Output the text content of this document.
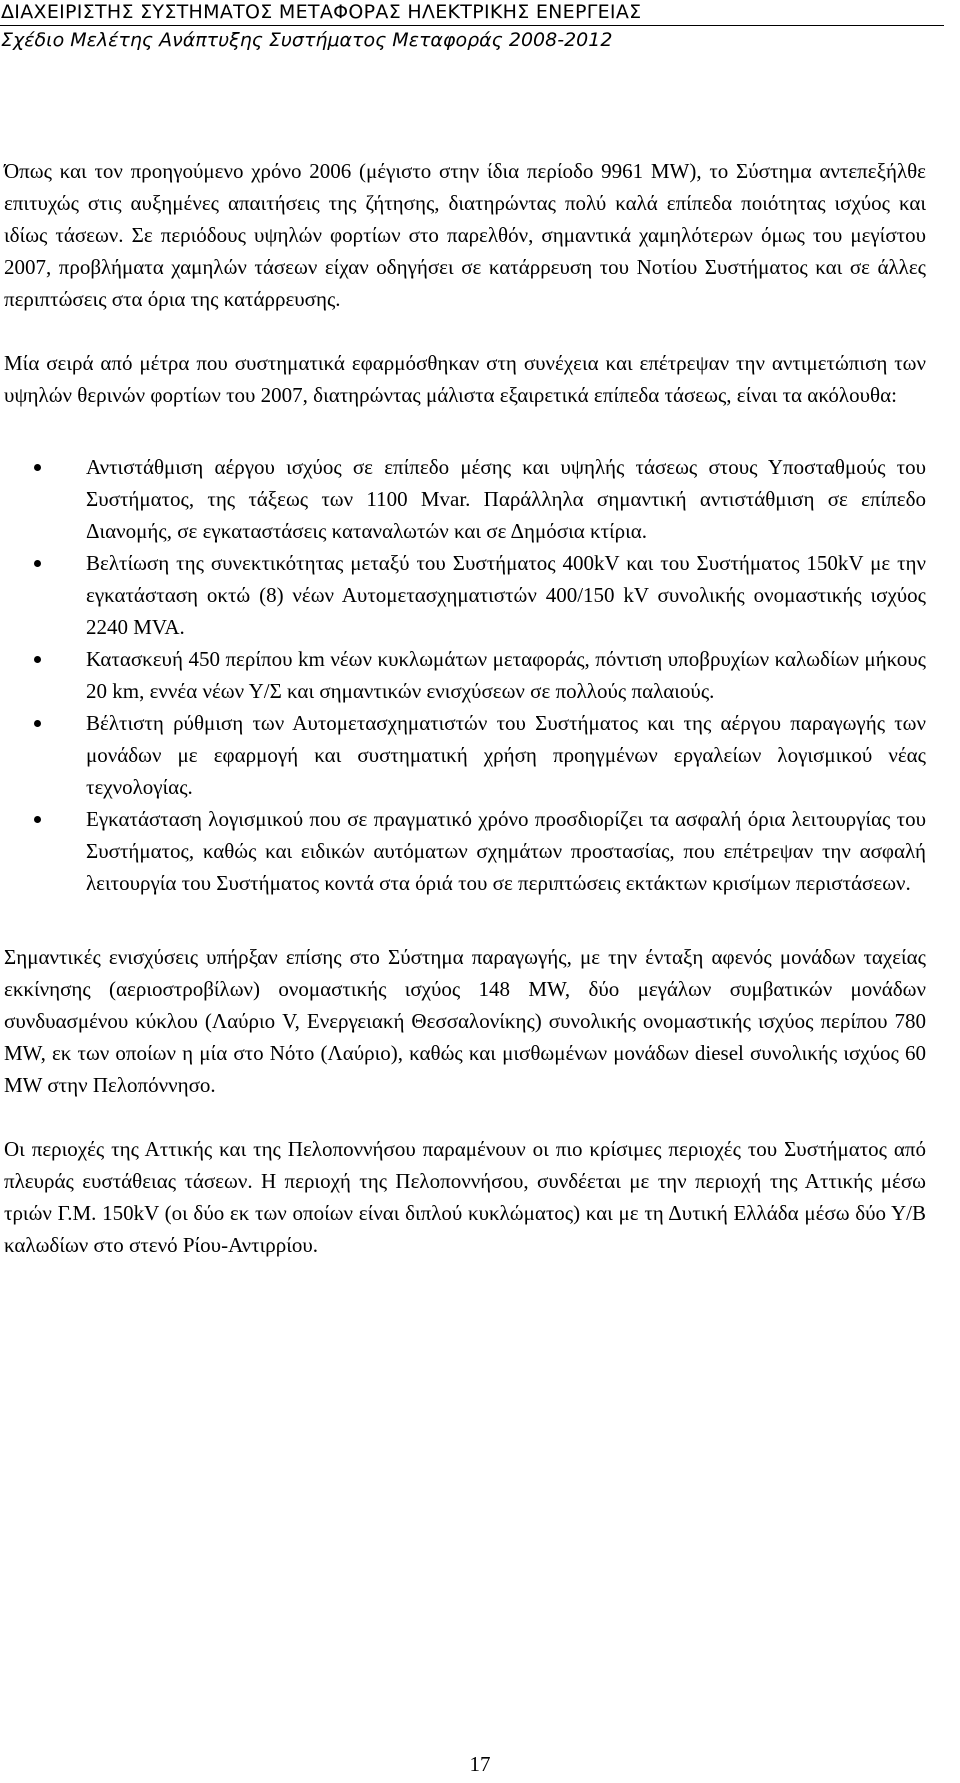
ΔΙΑΧΕΙΡΙΣΤΗΣ ΣΥΣΤΗΜΑΤΟΣ ΜΕΤΑΦΟΡΑΣ ΗΛΕΚΤΡΙΚΗΣ ΕΝΕΡΓΕΙΑΣ

Σχέδιο Μελέτης Ανάπτυξης Συστήματος Μεταφοράς 2008-2012

Όπως και τον προηγούμενο χρόνο 2006 (μέγιστο στην ίδια περίοδο 9961 MW), το Σύστημα αντεπεξήλθε επιτυχώς στις αυξημένες απαιτήσεις της ζήτησης, διατηρώντας πολύ καλά επίπεδα ποιότητας ισχύος και ιδίως τάσεων. Σε περιόδους υψηλών φορτίων στο παρελθόν, σημαντικά χαμηλότερων όμως του μεγίστου 2007, προβλήματα χαμηλών τάσεων είχαν οδηγήσει σε κατάρρευση του Νοτίου Συστήματος και σε άλλες περιπτώσεις στα όρια της κατάρρευσης.

Μία σειρά από μέτρα που συστηματικά εφαρμόσθηκαν στη συνέχεια και επέτρεψαν την αντιμετώπιση των υψηλών θερινών φορτίων του 2007, διατηρώντας μάλιστα εξαιρετικά επίπεδα τάσεως, είναι τα ακόλουθα:

Αντιστάθμιση αέργου ισχύος σε επίπεδο μέσης και υψηλής τάσεως στους Υποσταθμούς του Συστήματος, της τάξεως των 1100 Mvar. Παράλληλα σημαντική αντιστάθμιση σε επίπεδο Διανομής, σε εγκαταστάσεις καταναλωτών και σε Δημόσια κτίρια.
Βελτίωση της συνεκτικότητας μεταξύ του Συστήματος 400kV και του Συστήματος 150kV με την εγκατάσταση οκτώ (8) νέων Αυτομετασχηματιστών 400/150 kV συνολικής ονομαστικής ισχύος 2240 MVA.
Κατασκευή 450 περίπου km νέων κυκλωμάτων μεταφοράς, πόντιση υποβρυχίων καλωδίων μήκους 20 km, εννέα νέων Υ/Σ και σημαντικών ενισχύσεων σε πολλούς παλαιούς.
Βέλτιστη ρύθμιση των Αυτομετασχηματιστών του Συστήματος και της αέργου παραγωγής των μονάδων με εφαρμογή και συστηματική χρήση προηγμένων εργαλείων λογισμικού νέας τεχνολογίας.
Εγκατάσταση λογισμικού που σε πραγματικό χρόνο προσδιορίζει τα ασφαλή όρια λειτουργίας του Συστήματος, καθώς και ειδικών αυτόματων σχημάτων προστασίας, που επέτρεψαν την ασφαλή λειτουργία του Συστήματος κοντά στα όριά του σε περιπτώσεις εκτάκτων κρισίμων περιστάσεων.

Σημαντικές ενισχύσεις υπήρξαν επίσης στο Σύστημα παραγωγής, με την ένταξη αφενός μονάδων ταχείας εκκίνησης (αεριοστροβίλων) ονομαστικής ισχύος 148 MW, δύο μεγάλων συμβατικών μονάδων συνδυασμένου κύκλου (Λαύριο V, Ενεργειακή Θεσσαλονίκης) συνολικής ονομαστικής ισχύος περίπου 780 MW, εκ των οποίων η μία στο Νότο (Λαύριο), καθώς και μισθωμένων μονάδων diesel συνολικής ισχύος 60 MW στην Πελοπόννησο.

Οι περιοχές της Αττικής και της Πελοποννήσου παραμένουν οι πιο κρίσιμες περιοχές του Συστήματος από πλευράς ευστάθειας τάσεων. Η περιοχή της Πελοποννήσου, συνδέεται με την περιοχή της Αττικής μέσω τριών Γ.Μ. 150kV (οι δύο εκ των οποίων είναι διπλού κυκλώματος) και με τη Δυτική Ελλάδα μέσω δύο Υ/Β καλωδίων στο στενό Ρίου-Αντιρρίου.

17
